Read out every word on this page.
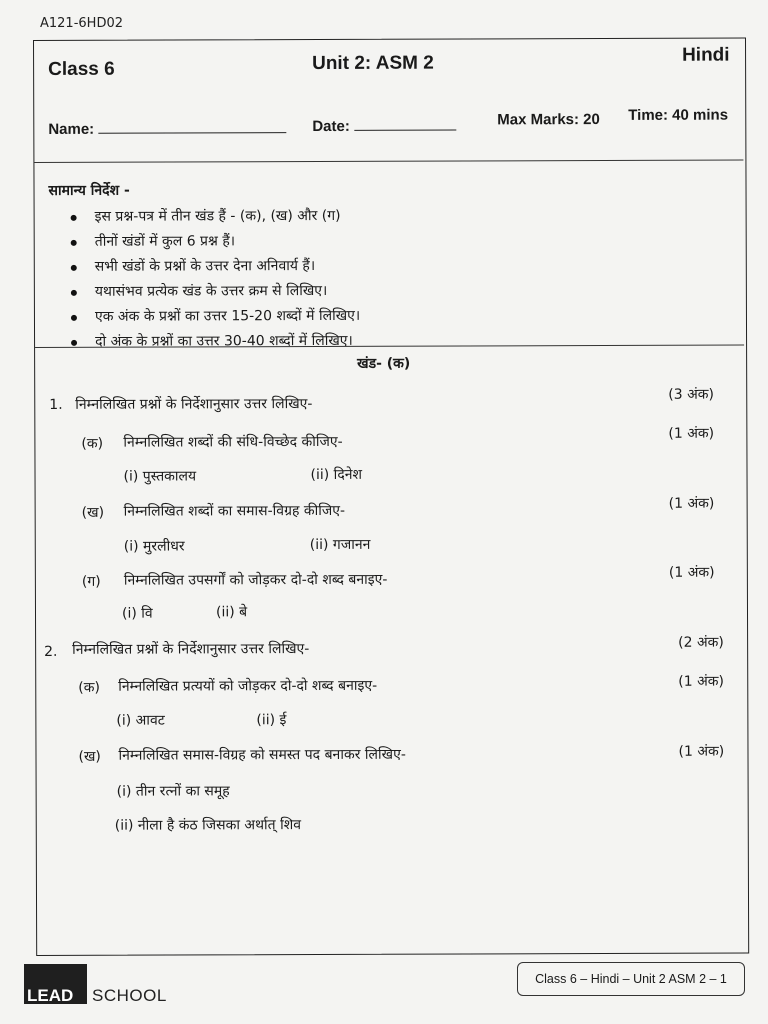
A121-6HD02
Class 6	Unit 2: ASM 2	Hindi
Name:	Date:	Max Marks: 20 Time: 40 mins
सामान्य निर्देश -
इस प्रश्न-पत्र में तीन खंड हैं - (क), (ख) और (ग)
तीनों खंडों में कुल 6 प्रश्न हैं।
सभी खंडों के प्रश्नों के उत्तर देना अनिवार्य हैं।
यथासंभव प्रत्येक खंड के उत्तर क्रम से लिखिए।
एक अंक के प्रश्नों का उत्तर 15-20 शब्दों में लिखिए।
दो अंक के प्रश्नों का उत्तर 30-40 शब्दों में लिखिए।
खंड- (क)
1. निम्नलिखित प्रश्नों के निर्देशानुसार उत्तर लिखिए-
(3 अंक)
(क) निम्नलिखित शब्दों की संधि-विच्छेद कीजिए-
(1 अंक)
(i) पुस्तकालय	(ii) दिनेश
(ख) निम्नलिखित शब्दों का समास-विग्रह कीजिए-	(1 अंक)
(i) मुरलीधर	(ii) गजानन
(ग) निम्नलिखित उपसर्गों को जोड़कर दो-दो शब्द बनाइए-	(1 अंक)
(i) वि	(ii) बे
2. निम्नलिखित प्रश्नों के निर्देशानुसार उत्तर लिखिए-	(2 अंक)
(क) निम्नलिखित प्रत्ययों को जोड़कर दो-दो शब्द बनाइए-	(1 अंक)
(i) आवट	(ii) ई
(ख) निम्नलिखित समास-विग्रह को समस्त पद बनाकर लिखिए-	(1 अंक)
(i) तीन रत्नों का समूह
(ii) नीला है कंठ जिसका अर्थात् शिव
LEAD SCHOOL
Class 6 – Hindi – Unit 2 ASM 2 – 1
